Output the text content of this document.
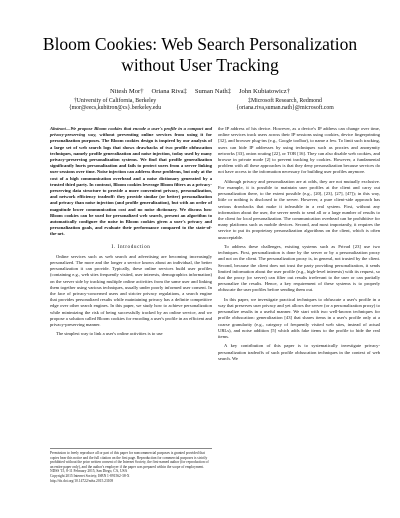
Bloom Cookies: Web Search Personalization without User Tracking
Nitesh Mor† Oriana Riva‡ Suman Nath‡ John Kubiatowicz†
†University of California, Berkeley
{mor@eecs,kubitron@cs}.berkeley.edu
‡Microsoft Research, Redmond
{oriana.riva,suman.nath}@microsoft.com

Abstract—We propose Bloom cookies that encode a user's profile in a compact and privacy-preserving way, without preventing online services from using it for personalization purposes. The Bloom cookies design is inspired by our analysis of a large set of web search logs that shows drawbacks of two profile obfuscation techniques, namely profile generalization and noise injection, today used by many privacy-preserving personalization systems. We find that profile generalization significantly hurts personalization and fails to protect users from a server linking user sessions over time. Noise injection can address these problems, but only at the cost of a high communication overhead and a noise dictionary generated by a trusted third party. In contrast, Bloom cookies leverage Bloom filters as a privacy-preserving data structure to provide a more convenient privacy, personalization, and network efficiency tradeoff: they provide similar (or better) personalization and privacy than noise injection (and profile generalization), but with an order of magnitude lower communication cost and no noise dictionary. We discuss how Bloom cookies can be used for personalized web search, present an algorithm to automatically configure the noise in Bloom cookies given a user's privacy and personalization goals, and evaluate their performance compared to the state-of-the-art.

I. Introduction

Online services such as web search and advertising are becoming increasingly personalized. The more and the longer a service knows about an individual, the better personalization it can provide. Typically, these online services build user profiles (containing e.g., web sites frequently visited, user interests, demographics information) on the server side by tracking multiple online activities from the same user and linking them together using various techniques, usually under poorly informed user consent. In the face of privacy-concerned users and stricter privacy regulations, a search engine that provides personalized results while maintaining privacy has a definite competitive edge over other search engines. In this paper, we study how to achieve personalization while minimizing the risk of being successfully tracked by an online service, and we propose a solution called Bloom cookies for encoding a user's profile in an efficient and privacy-preserving manner.

The simplest way to link a user's online activities is to use

the IP address of his device. However, as a device's IP address can change over time, online services track users across their IP sessions using cookies, device fingerprinting [32], and browser plug-ins (e.g., Google toolbar), to name a few. To limit such tracking, users can hide IP addresses by using techniques such as proxies and anonymity networks [33], onion routing [22], or TOR [16]. They can also disable web cookies, and browse in private mode [2] to prevent tracking by cookies. However, a fundamental problem with all these approaches is that they deny personalization because services do not have access to the information necessary for building user profiles anymore.

Although privacy and personalization are at odds, they are not mutually exclusive. For example, it is possible to maintain user profiles at the client and carry out personalization there, to the extent possible (e.g., [20], [23], [27], [47]); in this way, little or nothing is disclosed to the server. However, a pure client-side approach has serious drawbacks that make it infeasible in a real system. First, without any information about the user, the server needs to send all or a large number of results to the client for local personalization. The communication overhead can be prohibitive for many platforms such as mobile devices. Second, and most importantly, it requires the service to put its proprietary personalization algorithms on the client, which is often unacceptable.

To address these challenges, existing systems such as Privad [23] use two techniques. First, personalization is done by the server or by a personalization proxy and not on the client. The personalization proxy is, in general, not trusted by the client. Second, because the client does not trust the party providing personalization, it sends limited information about the user profile (e.g., high-level interests) with its request, so that the proxy (or server) can filter out results irrelevant to the user or can partially personalize the results. Hence, a key requirement of these systems is to properly obfuscate the user profiles before sending them out.

In this paper, we investigate practical techniques to obfuscate a user's profile in a way that preserves user privacy and yet allows the server (or a personalization proxy) to personalize results in a useful manner. We start with two well-known techniques for profile obfuscation: generalization [43] that shares items in a user's profile only at a coarse granularity (e.g., category of frequently visited web sites, instead of actual URLs), and noise addition [5] which adds fake items to the profile to hide the real items.

A key contribution of this paper is to systematically investigate privacy-personalization tradeoffs of such profile obfuscation techniques in the context of web search. We

Permission to freely reproduce all or part of this paper for noncommercial purposes is granted provided that copies bear this notice and the full citation on the first page. Reproduction for commercial purposes is strictly prohibited without the prior written consent of the Internet Society, the first-named author (for reproduction of an entire paper only), and the author's employer if the paper was prepared within the scope of employment.
NDSS '15, 8-11 February 2015, San Diego, CA, USA
Copyright 2015 Internet Society, ISBN 1-891562-38-X
http://dx.doi.org/10.14722/ndss.2015.23108
